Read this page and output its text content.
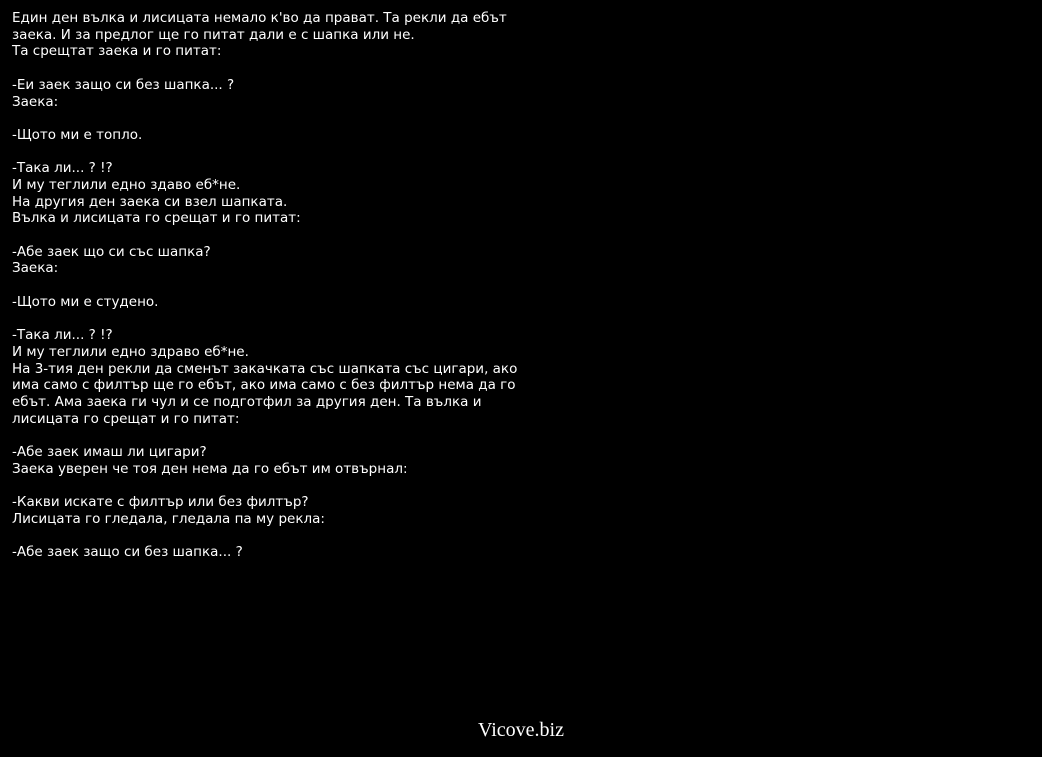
Един ден вълка и лисицата немало к'во да прават. Та рекли да ебът
заека. И за предлог ще го питат дали е с шапка или не.
Та срещтат заека и го питат:
-Еи заек защо си без шапка... ?
Заека:
-Щото ми е топло.
-Така ли... ? !?
И му теглили едно здаво еб*не.
На другия ден заека си взел шапката.
Вълка и лисицата го срещат и го питат:
-Абе заек що си със шапка?
Заека:
-Щото ми е студено.
-Така ли... ? !?
И му теглили едно здраво еб*не.
На 3-тия ден рекли да сменът закачката със шапката със цигари, ако
има само с филтър ще го ебът, ако има само с без филтър нема да го
ебът. Ама заека ги чул и се подготфил за другия ден. Та вълка и
лисицата го срещат и го питат:
-Абе заек имаш ли цигари?
Заека уверен че тоя ден нема да го ебът им отвърнал:
-Какви искате с филтър или без филтър?
Лисицата го гледала, гледала па му рекла:
-Абе заек защо си без шапка... ?
Vicove.biz
